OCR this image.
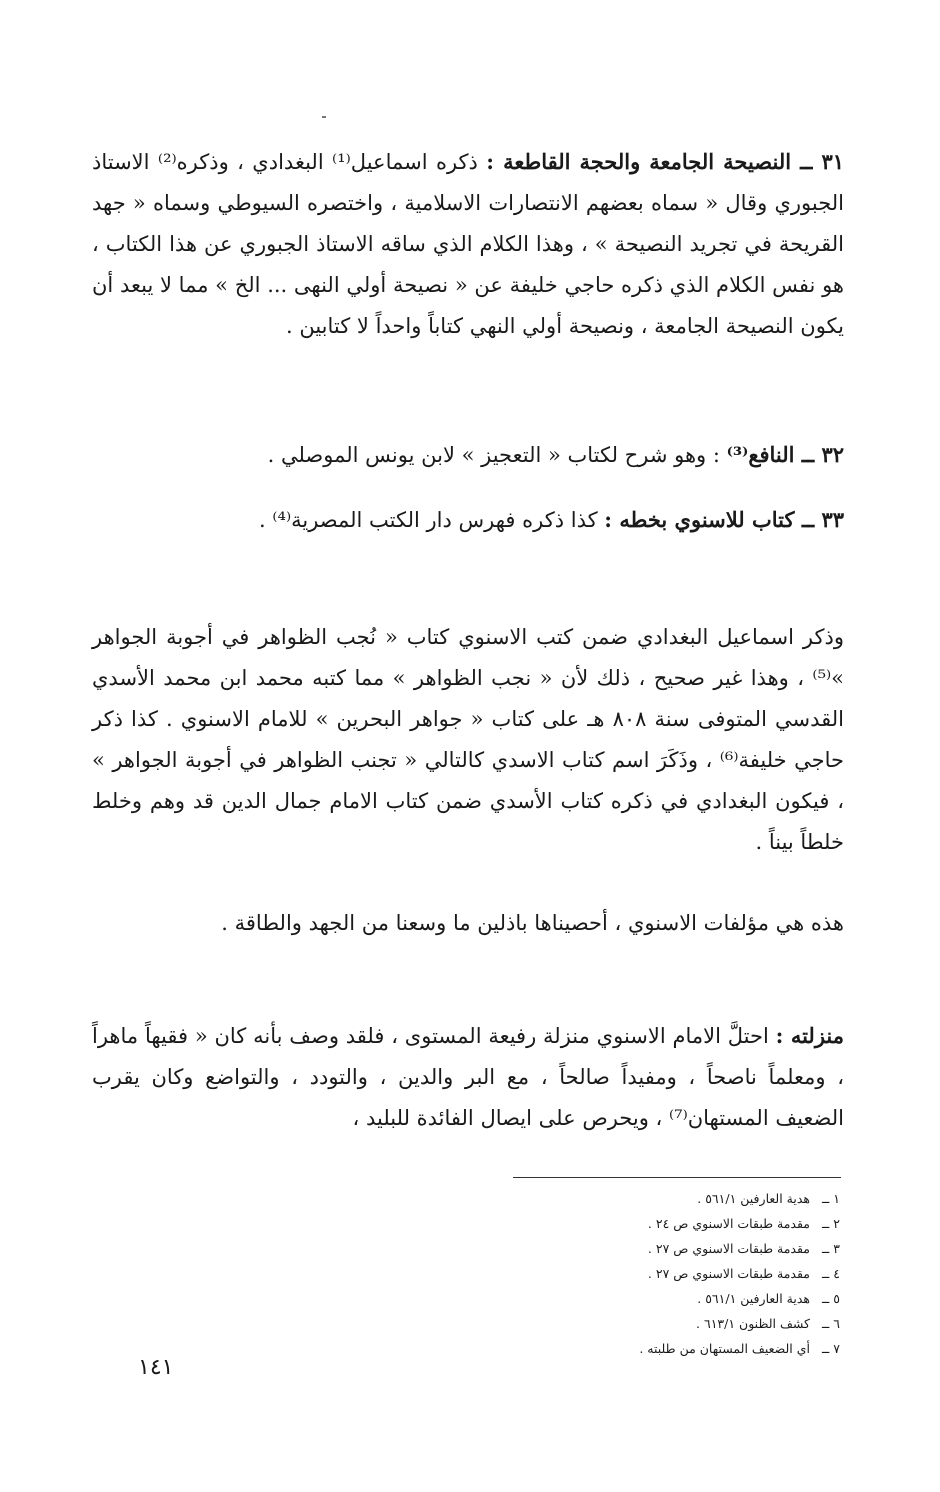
٣١ ــ النصيحة الجامعة والحجة القاطعة : ذكره اسماعيل⁽¹⁾ البغدادي ، وذكره⁽²⁾ الاستاذ الجبوري وقال « سماه بعضهم الانتصارات الاسلامية ، واختصره السيوطي وسماه « جهد القريحة في تجريد النصيحة » ، وهذا الكلام الذي ساقه الاستاذ الجبوري عن هذا الكتاب ، هو نفس الكلام الذي ذكره حاجي خليفة عن « نصيحة أولي النهى ... الخ » مما لا يبعد أن يكون النصيحة الجامعة ، ونصيحة أولي النهي كتاباً واحداً لا كتابين .

٣٢ ــ النافع⁽³⁾ : وهو شرح لكتاب « التعجيز » لابن يونس الموصلي .

٣٣ ــ كتاب للاسنوي بخطه : كذا ذكره فهرس دار الكتب المصرية⁽⁴⁾ .

وذكر اسماعيل البغدادي ضمن كتب الاسنوي كتاب « نُجب الظواهر في أجوبة الجواهر »⁽⁵⁾ ، وهذا غير صحيح ، ذلك لأن « نجب الظواهر » مما كتبه محمد ابن محمد الأسدي القدسي المتوفى سنة ٨٠٨ هـ على كتاب « جواهر البحرين » للامام الاسنوي . كذا ذكر حاجي خليفة⁽⁶⁾ ، وذَكَرَ اسم كتاب الاسدي كالتالي « تجنب الظواهر في أجوبة الجواهر » ، فيكون البغدادي في ذكره كتاب الأسدي ضمن كتاب الامام جمال الدين قد وهم وخلط خلطاً بيناً .

هذه هي مؤلفات الاسنوي ، أحصيناها باذلين ما وسعنا من الجهد والطاقة .

منزلته : احتلَّ الامام الاسنوي منزلة رفيعة المستوى ، فلقد وصف بأنه كان « فقيهاً ماهراً ، ومعلماً ناصحاً ، ومفيداً صالحاً ، مع البر والدين ، والتودد ، والتواضع وكان يقرب الضعيف المستهان⁽⁷⁾ ، ويحرص على ايصال الفائدة للبليد ،

١ ــهدية العارفين ٥٦١/١ .
٢ ــمقدمة طبقات الاسنوي ص ٢٤ .
٣ ــمقدمة طبقات الاسنوي ص ٢٧ .
٤ ــمقدمة طبقات الاسنوي ص ٢٧ .
٥ ــهدية العارفين ٥٦١/١ .
٦ ــكشف الظنون ٦١٣/١ .
٧ ــأي الضعيف المستهان من طلبته .
١٤١
